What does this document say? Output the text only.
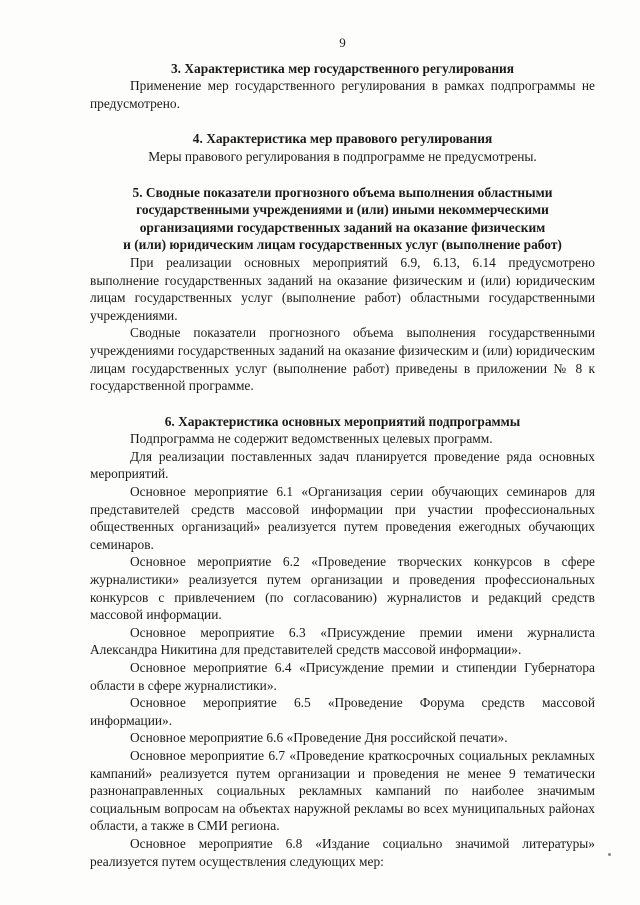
9
3. Характеристика мер государственного регулирования

Применение мер государственного регулирования в рамках подпрограммы не предусмотрено.

4. Характеристика мер правового регулирования

Меры правового регулирования в подпрограмме не предусмотрены.

5. Сводные показатели прогнозного объема выполнения областными
государственными учреждениями и (или) иными некоммерческими
организациями государственных заданий на оказание физическим
и (или) юридическим лицам государственных услуг (выполнение работ)

При реализации основных мероприятий 6.9, 6.13, 6.14 предусмотрено выполнение государственных заданий на оказание физическим и (или) юридическим лицам государственных услуг (выполнение работ) областными государственными учреждениями.

Сводные показатели прогнозного объема выполнения государственными учреждениями государственных заданий на оказание физическим и (или) юридическим лицам государственных услуг (выполнение работ) приведены в приложении № 8 к государственной программе.

6. Характеристика основных мероприятий подпрограммы

Подпрограмма не содержит ведомственных целевых программ.

Для реализации поставленных задач планируется проведение ряда основных мероприятий.

Основное мероприятие 6.1 «Организация серии обучающих семинаров для представителей средств массовой информации при участии профессиональных общественных организаций» реализуется путем проведения ежегодных обучающих семинаров.

Основное мероприятие 6.2 «Проведение творческих конкурсов в сфере журналистики» реализуется путем организации и проведения профессиональных конкурсов с привлечением (по согласованию) журналистов и редакций средств массовой информации.

Основное мероприятие 6.3 «Присуждение премии имени журналиста Александра Никитина для представителей средств массовой информации».

Основное мероприятие 6.4 «Присуждение премии и стипендии Губернатора области в сфере журналистики».

Основное мероприятие 6.5 «Проведение Форума средств массовой информации».

Основное мероприятие 6.6 «Проведение Дня российской печати».

Основное мероприятие 6.7 «Проведение краткосрочных социальных рекламных кампаний» реализуется путем организации и проведения не менее 9 тематически разнонаправленных социальных рекламных кампаний по наиболее значимым социальным вопросам на объектах наружной рекламы во всех муниципальных районах области, а также в СМИ региона.

Основное мероприятие 6.8 «Издание социально значимой литературы» реализуется путем осуществления следующих мер:
